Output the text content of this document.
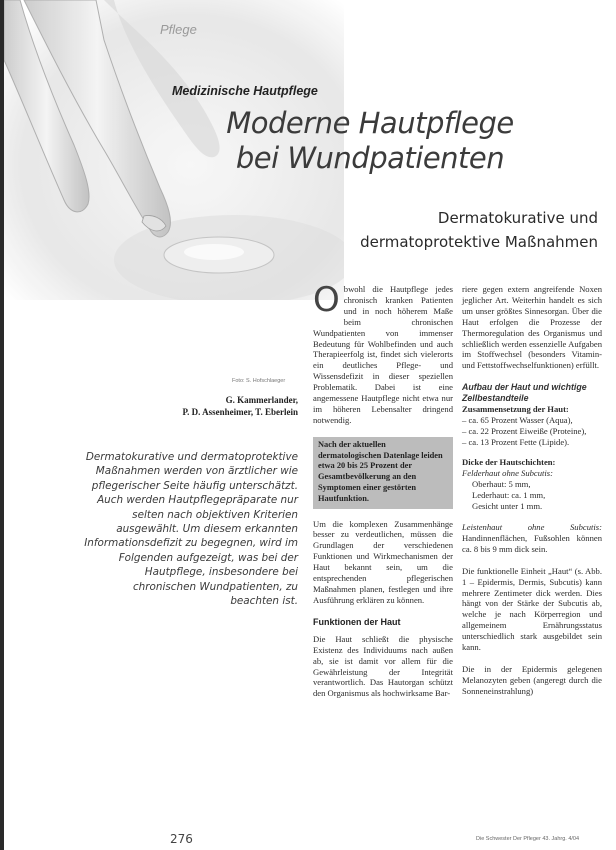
Pflege
Medizinische Hautpflege
Moderne Hautpflege
bei Wundpatienten
Dermatokurative und
dermatoprotektive Maßnahmen
Foto: S. Hofschlaeger
G. Kammerlander,
P. D. Assenheimer, T. Eberlein
Dermatokurative und dermatoprotektive Maßnahmen werden von ärztlicher wie pflegerischer Seite häufig unterschätzt. Auch werden Hautpflegepräparate nur selten nach objektiven Kriterien ausgewählt. Um diesem erkannten Informationsdefizit zu begegnen, wird im Folgenden aufgezeigt, was bei der Hautpflege, insbesondere bei chronischen Wundpatienten, zu beachten ist.

Obwohl die Hautpflege jedes chronisch kranken Patienten und in noch höherem Maße beim chronischen Wundpatienten von immenser Bedeutung für Wohlbefinden und auch Therapieerfolg ist, findet sich vielerorts ein deutliches Pflege- und Wissensdefizit in dieser speziellen Problematik. Dabei ist eine angemessene Hautpflege nicht etwa nur im höheren Lebensalter dringend notwendig.

Nach der aktuellen dermatologischen Datenlage leiden etwa 20 bis 25 Prozent der Gesamtbevölkerung an den Symptomen einer gestörten Hautfunktion.

Um die komplexen Zusammenhänge besser zu verdeutlichen, müssen die Grundlagen der verschiedenen Funktionen und Wirkmechanismen der Haut bekannt sein, um die entsprechenden pflegerischen Maßnahmen planen, festlegen und ihre Ausführung erklären zu können.

Funktionen der Haut

Die Haut schließt die physische Existenz des Individuums nach außen ab, sie ist damit vor allem für die Gewährleistung der Integrität verantwortlich. Das Hautorgan schützt den Organismus als hochwirksame Bar-

riere gegen extern angreifende Noxen jeglicher Art. Weiterhin handelt es sich um unser größtes Sinnesorgan. Über die Haut erfolgen die Prozesse der Thermoregulation des Organismus und schließlich werden essenzielle Aufgaben im Stoffwechsel (besonders Vitamin- und Fettstoffwechselfunktionen) erfüllt.

Aufbau der Haut und wichtige Zellbestandteile
Zusammensetzung der Haut:
– ca. 65 Prozent Wasser (Aqua),
– ca. 22 Prozent Eiweiße (Proteine),
– ca. 13 Prozent Fette (Lipide).
Dicke der Hautschichten:
Felderhaut ohne Subcutis:
Oberhaut: 5 mm,
Lederhaut: ca. 1 mm,
Gesicht unter 1 mm.

Leistenhaut ohne Subcutis: Handinnenflächen, Fußsohlen können ca. 8 bis 9 mm dick sein.

Die funktionelle Einheit „Haut“ (s. Abb. 1 – Epidermis, Dermis, Subcutis) kann mehrere Zentimeter dick werden. Dies hängt von der Stärke der Subcutis ab, welche je nach Körperregion und allgemeinem Ernährungsstatus unterschiedlich stark ausgebildet sein kann.

Die in der Epidermis gelegenen Melanozyten geben (angeregt durch die Sonneneinstrahlung)

276	Die Schwester Der Pfleger 43. Jahrg. 4/04
